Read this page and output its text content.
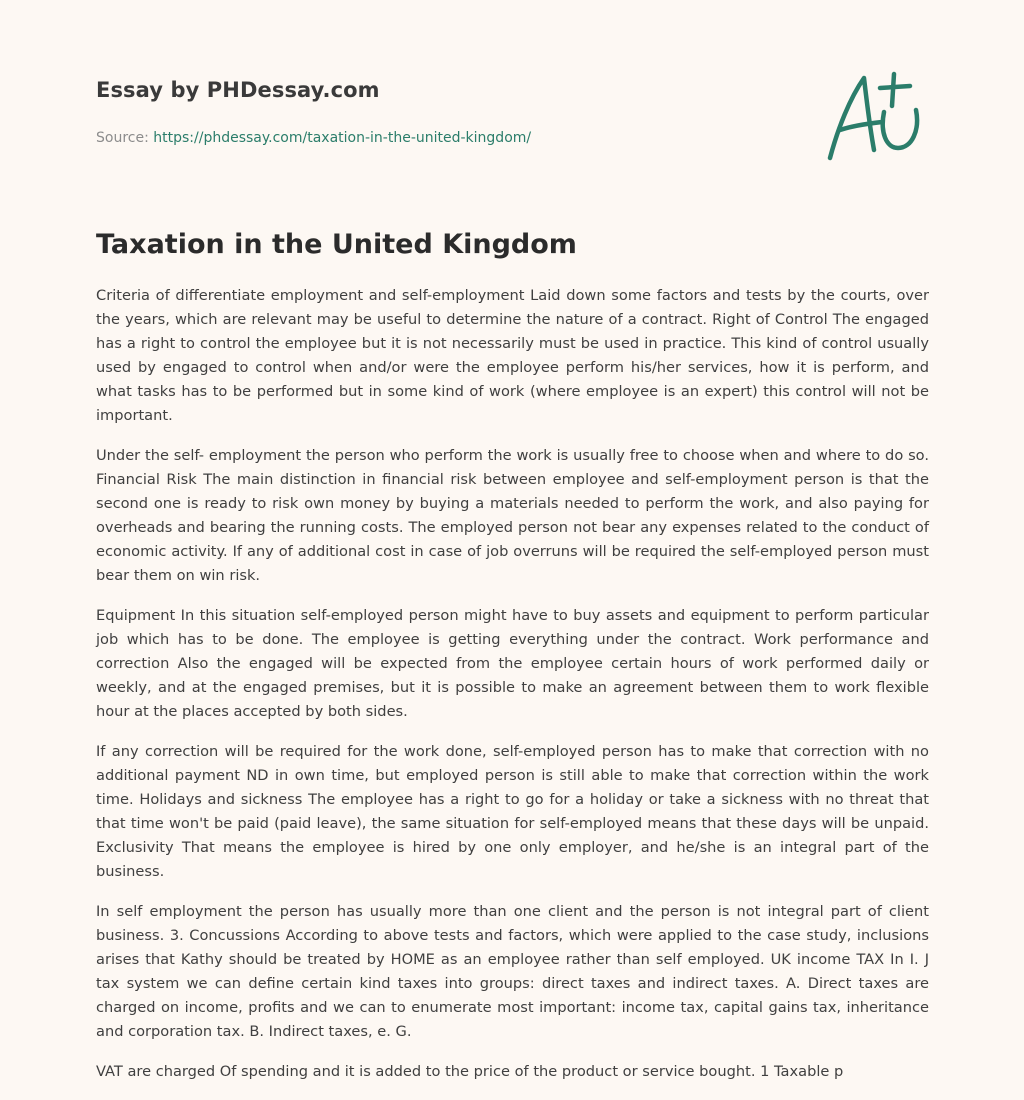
Essay by PHDessay.com
Source: https://phdessay.com/taxation-in-the-united-kingdom/
Taxation in the United Kingdom

Criteria of differentiate employment and self-employment Laid down some factors and tests by the courts, over the years, which are relevant may be useful to determine the nature of a contract. Right of Control The engaged has a right to control the employee but it is not necessarily must be used in practice. This kind of control usually used by engaged to control when and/or were the employee perform his/her services, how it is perform, and what tasks has to be performed but in some kind of work (where employee is an expert) this control will not be important.

Under the self- employment the person who perform the work is usually free to choose when and where to do so. Financial Risk The main distinction in financial risk between employee and self-employment person is that the second one is ready to risk own money by buying a materials needed to perform the work, and also paying for overheads and bearing the running costs. The employed person not bear any expenses related to the conduct of economic activity. If any of additional cost in case of job overruns will be required the self-employed person must bear them on win risk.

Equipment In this situation self-employed person might have to buy assets and equipment to perform particular job which has to be done. The employee is getting everything under the contract. Work performance and correction Also the engaged will be expected from the employee certain hours of work performed daily or weekly, and at the engaged premises, but it is possible to make an agreement between them to work flexible hour at the places accepted by both sides.

If any correction will be required for the work done, self-employed person has to make that correction with no additional payment ND in own time, but employed person is still able to make that correction within the work time. Holidays and sickness The employee has a right to go for a holiday or take a sickness with no threat that that time won't be paid (paid leave), the same situation for self-employed means that these days will be unpaid. Exclusivity That means the employee is hired by one only employer, and he/she is an integral part of the business.

In self employment the person has usually more than one client and the person is not integral part of client business. 3. Concussions According to above tests and factors, which were applied to the case study, inclusions arises that Kathy should be treated by HOME as an employee rather than self employed. UK income TAX In I. J tax system we can define certain kind taxes into groups: direct taxes and indirect taxes. A. Direct taxes are charged on income, profits and we can to enumerate most important: income tax, capital gains tax, inheritance and corporation tax. B. Indirect taxes, e. G.

VAT are charged Of spending and it is added to the price of the product or service bought. 1 Taxable p
